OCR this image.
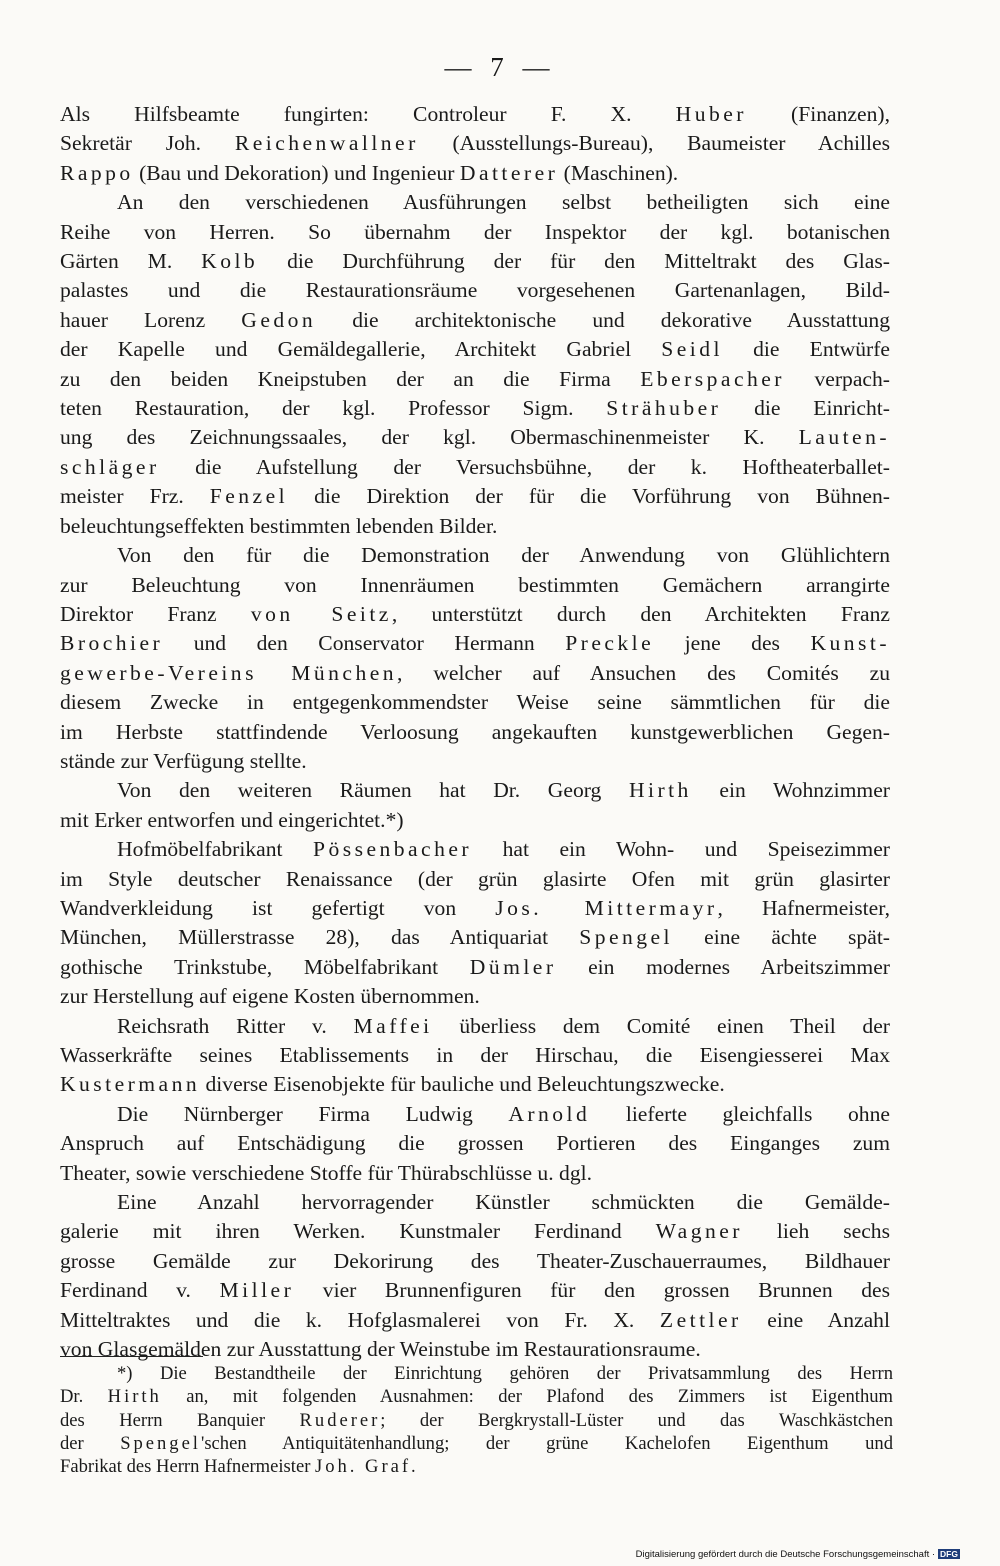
— 7 —
Als Hilfsbeamte fungirten: Controleur F. X. Huber (Finanzen),
Sekretär Joh. Reichenwallner (Ausstellungs-Bureau), Baumeister Achilles
Rappo (Bau und Dekoration) und Ingenieur Datterer (Maschinen).
An den verschiedenen Ausführungen selbst betheiligten sich eine
Reihe von Herren. So übernahm der Inspektor der kgl. botanischen
Gärten M. Kolb die Durchführung der für den Mitteltrakt des Glas-
palastes und die Restaurationsräume vorgesehenen Gartenanlagen, Bild-
hauer Lorenz Gedon die architektonische und dekorative Ausstattung
der Kapelle und Gemäldegallerie, Architekt Gabriel Seidl die Entwürfe
zu den beiden Kneipstuben der an die Firma Eberspacher verpach-
teten Restauration, der kgl. Professor Sigm. Strähuber die Einricht-
ung des Zeichnungssaales, der kgl. Obermaschinenmeister K. Lauten-
schläger die Aufstellung der Versuchsbühne, der k. Hoftheaterballet-
meister Frz. Fenzel die Direktion der für die Vorführung von Bühnen-
beleuchtungseffekten bestimmten lebenden Bilder.
Von den für die Demonstration der Anwendung von Glühlichtern
zur Beleuchtung von Innenräumen bestimmten Gemächern arrangirte
Direktor Franz von Seitz, unterstützt durch den Architekten Franz
Brochier und den Conservator Hermann Preckle jene des Kunst-
gewerbe-Vereins München, welcher auf Ansuchen des Comités zu
diesem Zwecke in entgegenkommendster Weise seine sämmtlichen für die
im Herbste stattfindende Verloosung angekauften kunstgewerblichen Gegen-
stände zur Verfügung stellte.
Von den weiteren Räumen hat Dr. Georg Hirth ein Wohnzimmer
mit Erker entworfen und eingerichtet.*)
Hofmöbelfabrikant Pössenbacher hat ein Wohn- und Speisezimmer
im Style deutscher Renaissance (der grün glasirte Ofen mit grün glasirter
Wandverkleidung ist gefertigt von Jos. Mittermayr, Hafnermeister,
München, Müllerstrasse 28), das Antiquariat Spengel eine ächte spät-
gothische Trinkstube, Möbelfabrikant Dümler ein modernes Arbeitszimmer
zur Herstellung auf eigene Kosten übernommen.
Reichsrath Ritter v. Maffei überliess dem Comité einen Theil der
Wasserkräfte seines Etablissements in der Hirschau, die Eisengiesserei Max
Kustermann diverse Eisenobjekte für bauliche und Beleuchtungszwecke.
Die Nürnberger Firma Ludwig Arnold lieferte gleichfalls ohne
Anspruch auf Entschädigung die grossen Portieren des Einganges zum
Theater, sowie verschiedene Stoffe für Thürabschlüsse u. dgl.
Eine Anzahl hervorragender Künstler schmückten die Gemälde-
galerie mit ihren Werken. Kunstmaler Ferdinand Wagner lieh sechs
grosse Gemälde zur Dekorirung des Theater-Zuschauerraumes, Bildhauer
Ferdinand v. Miller vier Brunnenfiguren für den grossen Brunnen des
Mitteltraktes und die k. Hofglasmalerei von Fr. X. Zettler eine Anzahl
von Glasgemälden zur Ausstattung der Weinstube im Restaurationsraume.
*) Die Bestandtheile der Einrichtung gehören der Privatsammlung des Herrn
Dr. Hirth an, mit folgenden Ausnahmen: der Plafond des Zimmers ist Eigenthum
des Herrn Banquier Ruderer; der Bergkrystall-Lüster und das Waschkästchen
der Spengel'schen Antiquitätenhandlung; der grüne Kachelofen Eigenthum und
Fabrikat des Herrn Hafnermeister Joh. Graf.
Digitalisierung gefördert durch die Deutsche Forschungsgemeinschaft · DFG
